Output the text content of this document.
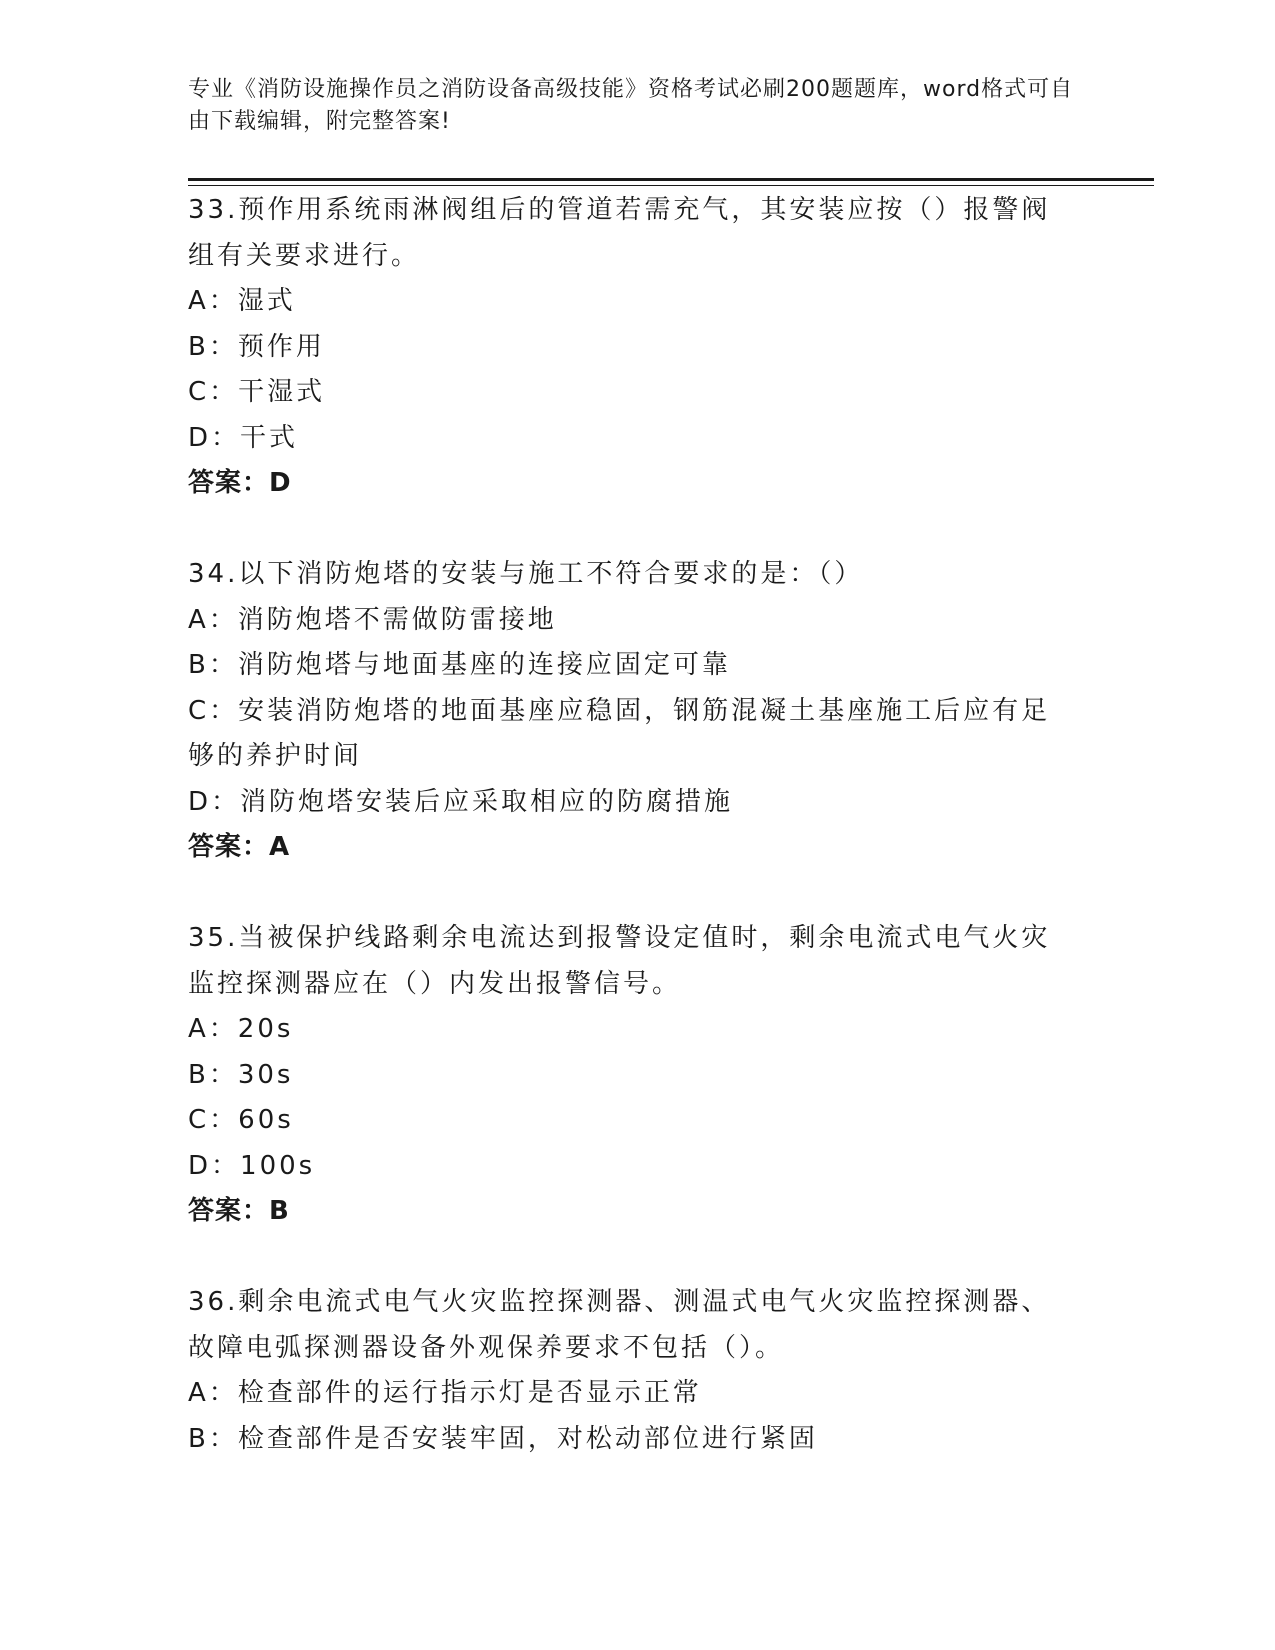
专业《消防设施操作员之消防设备高级技能》资格考试必刷200题题库，word格式可自由下载编辑，附完整答案!

33.预作用系统雨淋阀组后的管道若需充气，其安装应按（）报警阀组有关要求进行。

A：湿式

B：预作用

C：干湿式

D：干式

答案：D

34.以下消防炮塔的安装与施工不符合要求的是：（）

A：消防炮塔不需做防雷接地

B：消防炮塔与地面基座的连接应固定可靠

C：安装消防炮塔的地面基座应稳固，钢筋混凝土基座施工后应有足够的养护时间

D：消防炮塔安装后应采取相应的防腐措施

答案：A

35.当被保护线路剩余电流达到报警设定值时，剩余电流式电气火灾监控探测器应在（）内发出报警信号。

A：20s

B：30s

C：60s

D：100s

答案：B

36.剩余电流式电气火灾监控探测器、测温式电气火灾监控探测器、故障电弧探测器设备外观保养要求不包括（）。

A：检查部件的运行指示灯是否显示正常

B：检查部件是否安装牢固，对松动部位进行紧固
